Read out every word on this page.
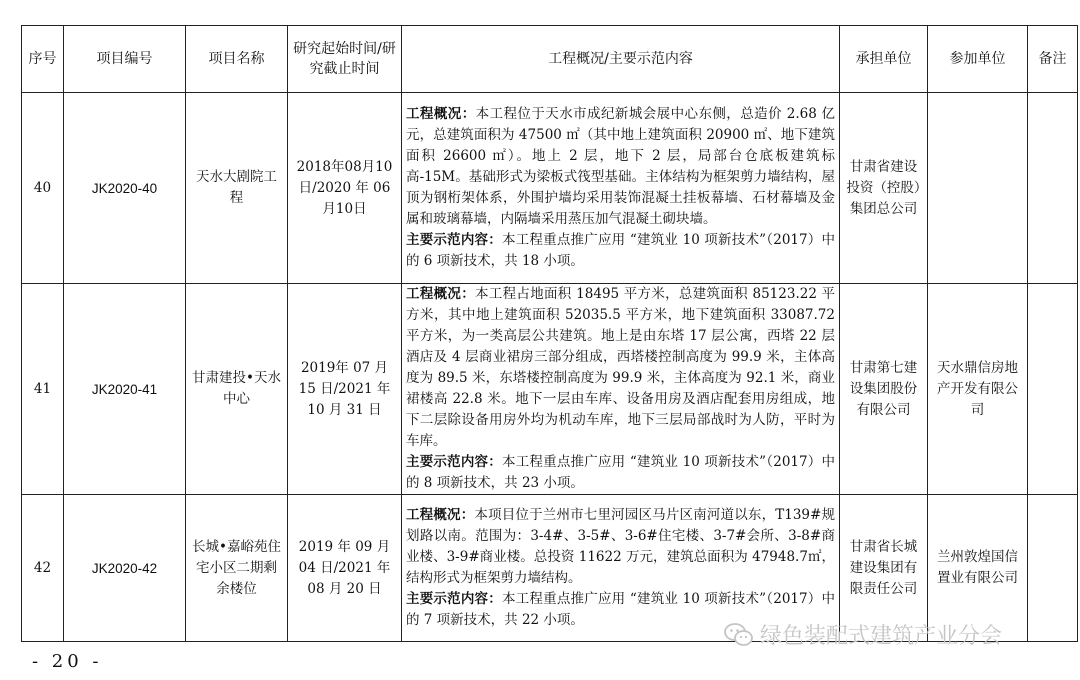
序号	项目编号	项目名称	研究起始时间/研究截止时间	工程概况/主要示范内容	承担单位	参加单位	备注
40	JK2020-40	天水大剧院工程	2018年08月10日/2020 年 06 月10日	工程概况：本工程位于天水市成纪新城会展中心东侧，总造价 2.68 亿元，总建筑面积为 47500 ㎡（其中地上建筑面积 20900 ㎡、地下建筑面积 26600 ㎡）。地上 2 层，地下 2 层，局部台仓底板建筑标高-15M。基础形式为梁板式筏型基础。主体结构为框架剪力墙结构，屋顶为钢桁架体系，外围护墙均采用装饰混凝土挂板幕墙、石材幕墙及金属和玻璃幕墙，内隔墙采用蒸压加气混凝土砌块墙。

主要示范内容：本工程重点推广应用 “建筑业 10 项新技术”（2017）中的 6 项新技术，共 18 小项。	甘肃省建设投资（控股）集团总公司		
41	JK2020-41	甘肃建投•天水中心	2019年 07 月 15 日/2021 年 10 月 31 日	工程概况：本工程占地面积 18495 平方米，总建筑面积 85123.22 平方米，其中地上建筑面积 52035.5 平方米，地下建筑面积 33087.72 平方米，为一类高层公共建筑。地上是由东塔 17 层公寓，西塔 22 层酒店及 4 层商业裙房三部分组成，西塔楼控制高度为 99.9 米，主体高度为 89.5 米，东塔楼控制高度为 99.9 米，主体高度为 92.1 米，商业裙楼高 22.8 米。地下一层由车库、设备用房及酒店配套用房组成，地下二层除设备用房外均为机动车库，地下三层局部战时为人防，平时为车库。

主要示范内容：本工程重点推广应用 “建筑业 10 项新技术”（2017）中的 8 项新技术，共 23 小项。	甘肃第七建设集团股份有限公司	天水鼎信房地产开发有限公司	
42	JK2020-42	长城•嘉峪苑住宅小区二期剩余楼位	2019 年 09 月 04 日/2021 年 08 月 20 日	工程概况：本项目位于兰州市七里河园区马片区南河道以东，T139#规划路以南。范围为：3-4#、3-5#、3-6#住宅楼、3-7#会所、3-8#商业楼、3-9#商业楼。总投资 11622 万元，建筑总面积为 47948.7㎡，结构形式为框架剪力墙结构。

主要示范内容：本工程重点推广应用 “建筑业 10 项新技术”（2017）中的 7 项新技术，共 22 小项。	甘肃省长城建设集团有限责任公司	兰州敦煌国信置业有限公司	
- 20 -
绿色装配式建筑产业分会
